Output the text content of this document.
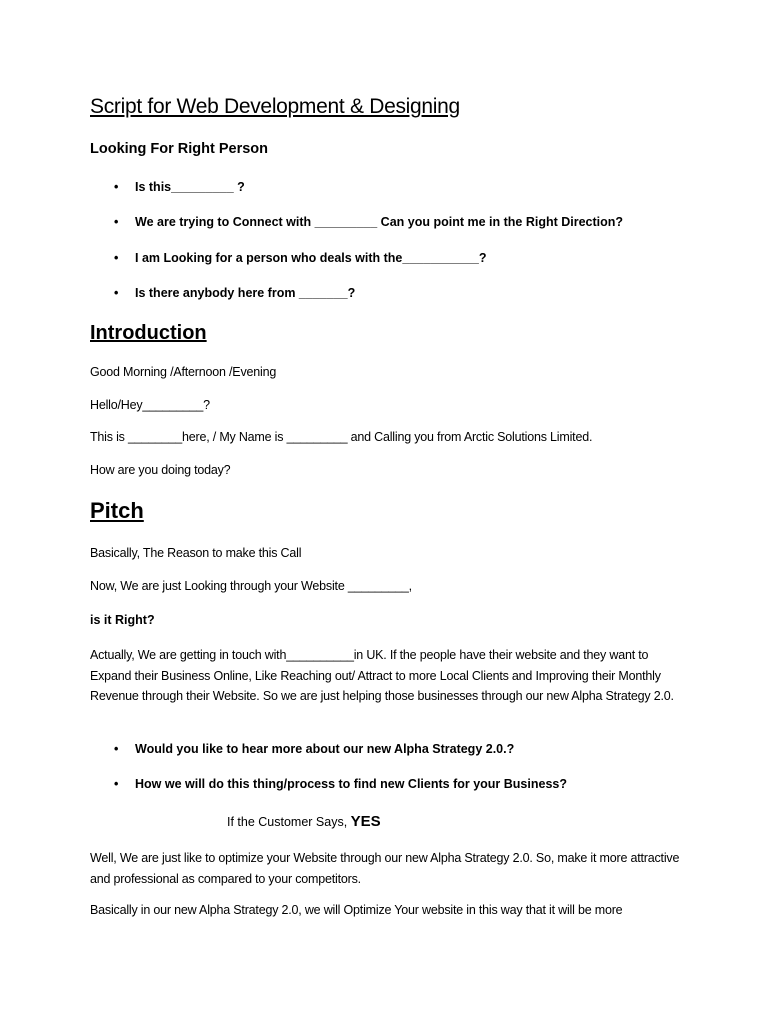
Script for Web Development & Designing
Looking For Right Person
• Is this_________ ?
• We are trying to Connect with _________ Can you point me in the Right Direction?
• I am Looking for a person who deals with the___________?
• Is there anybody here from _______?
Introduction
Good Morning /Afternoon /Evening
Hello/Hey_________?
This is ________here, / My Name is _________ and Calling you from Arctic Solutions Limited.
How are you doing today?
Pitch
Basically, The Reason to make this Call
Now, We are just Looking through your Website _________,
is it Right?
Actually, We are getting in touch with__________in UK. If the people have their website and they want to Expand their Business Online, Like Reaching out/ Attract to more Local Clients and Improving their Monthly Revenue through their Website. So we are just helping those businesses through our new Alpha Strategy 2.0.
• Would you like to hear more about our new Alpha Strategy 2.0.?
• How we will do this thing/process to find new Clients for your Business?
If the Customer Says, YES
Well, We are just like to optimize your Website through our new Alpha Strategy 2.0. So, make it more attractive and professional as compared to your competitors.
Basically in our new Alpha Strategy 2.0, we will Optimize Your website in this way that it will be more
